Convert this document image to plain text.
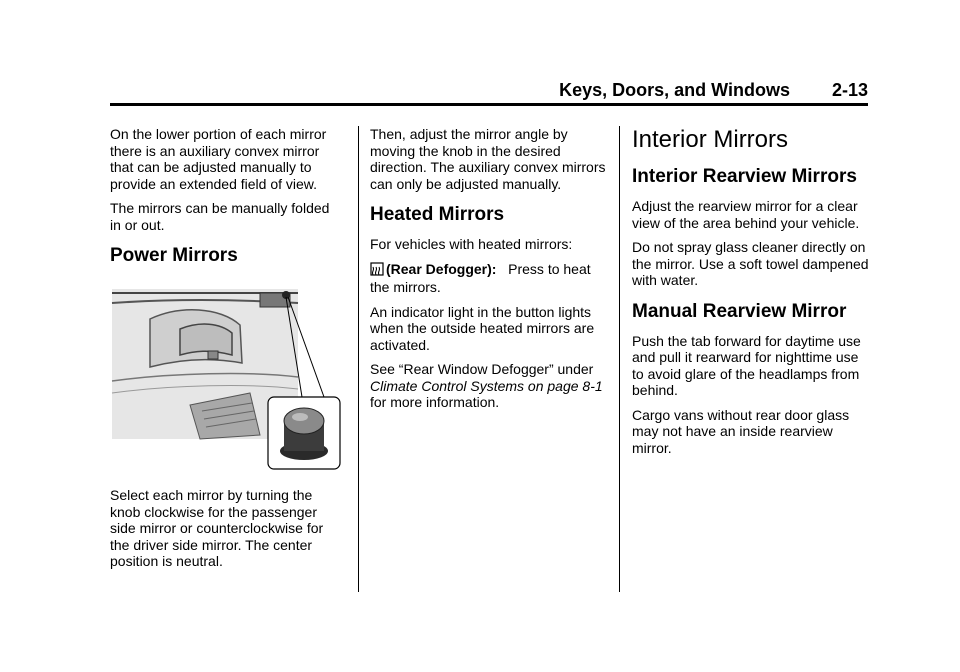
Keys, Doors, and Windows 2-13

On the lower portion of each mirror there is an auxiliary convex mirror that can be adjusted manually to provide an extended field of view.

The mirrors can be manually folded in or out.

Power Mirrors

Select each mirror by turning the knob clockwise for the passenger side mirror or counterclockwise for the driver side mirror. The center position is neutral.

Then, adjust the mirror angle by moving the knob in the desired direction. The auxiliary convex mirrors can only be adjusted manually.

Heated Mirrors

For vehicles with heated mirrors:

(Rear Defogger): Press to heat the mirrors.

An indicator light in the button lights when the outside heated mirrors are activated.

See “Rear Window Defogger” under Climate Control Systems on page 8-1 for more information.

Interior Mirrors
Interior Rearview Mirrors

Adjust the rearview mirror for a clear view of the area behind your vehicle.

Do not spray glass cleaner directly on the mirror. Use a soft towel dampened with water.

Manual Rearview Mirror

Push the tab forward for daytime use and pull it rearward for nighttime use to avoid glare of the headlamps from behind.

Cargo vans without rear door glass may not have an inside rearview mirror.
